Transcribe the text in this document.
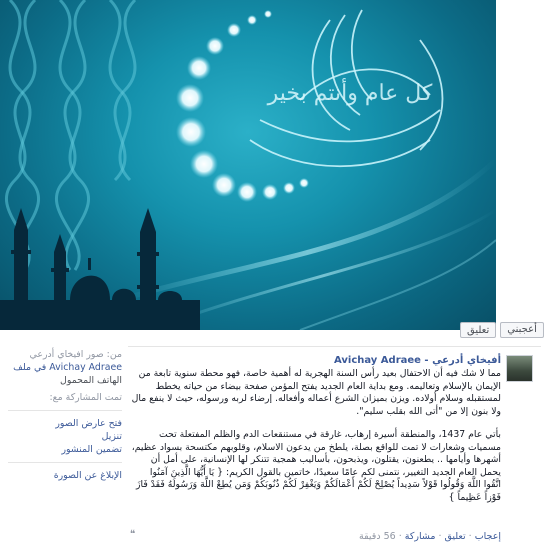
كل عام وأنتم بخير
تعليق	أعجبني
أفيخاي أدرعي - Avichay Adraee

مما لا شك فيه أن الاحتفال بعيد رأس السنة الهجرية له أهمية خاصة، فهو محطة سنوية تابعة من الإيمان بالإسلام وتعاليمه. ومع بداية العام الجديد يفتح المؤمن صفحة بيضاء من حياته يخطط لمستقبله وسلام أولاده. ويزن بميزان الشرع أعماله وأفعاله. إرضاء لربه ورسوله، حيث لا ينفع مال ولا بنون إلا من "أتى الله بقلب سليم".

بأتي عام 1437، والمنطقة أسيرة إرهاب، غارقة في مستنقعات الدم والظلم المفتعلة تحت مسميات وشعارات لا تمت للواقع بصلة، يلطخ من يدعون الاسلام، وقلوبهم مكتسحة بسواد عظيم، أشهرها وأيامها .. يطعنون، يقتلون، ويذبحون، بأساليب همجية تتنكر لها الإنسانية، على أمل أن يحمل العام الجديد التغيير، نتمنى لكم عامًا سعيدًا، خاتمين بالقول الكريم: { يَا أَيُّهَا الَّذِينَ آمَنُوا اتَّقُوا اللَّهَ وَقُولُوا قَوْلاً سَدِيداً يُصْلِحْ لَكُمْ أَعْمَالَكُمْ وَيَغْفِرْ لَكُمْ ذُنُوبَكُمْ وَمَن يُطِعْ اللَّهَ وَرَسُولَهُ فَقَدْ فَازَ فَوْزاً عَظِيماً }

إعجاب · تعليق · مشاركة · 56 دقيقة
❝
من: صور افيخاي أدرعي
Avichay Adraee في ملف
الهاتف المحمول
تمت المشاركة مع:
فتح عارض الصور
تنزيل
تضمين المنشور
الإبلاغ عن الصورة
